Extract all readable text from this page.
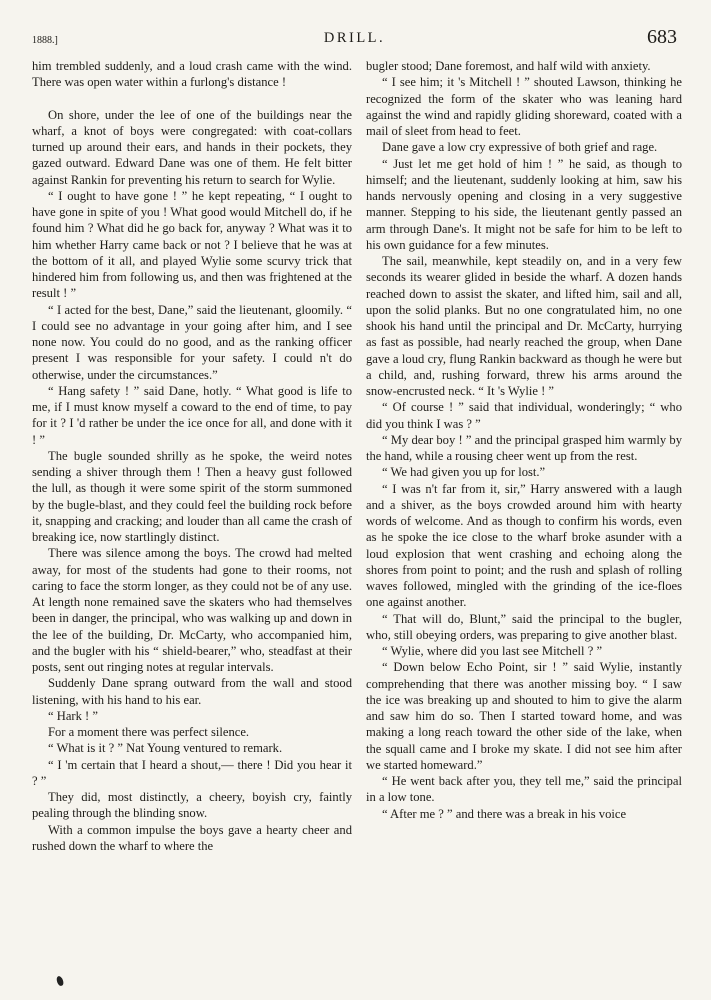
1888.]	DRILL.	683

him trembled suddenly, and a loud crash came with the wind. There was open water within a furlong's distance !

On shore, under the lee of one of the buildings near the wharf, a knot of boys were congregated: with coat-collars turned up around their ears, and hands in their pockets, they gazed outward. Edward Dane was one of them. He felt bitter against Rankin for preventing his return to search for Wylie.

“ I ought to have gone ! ” he kept repeating, “ I ought to have gone in spite of you ! What good would Mitchell do, if he found him ? What did he go back for, anyway ? What was it to him whether Harry came back or not ? I believe that he was at the bottom of it all, and played Wylie some scurvy trick that hindered him from following us, and then was frightened at the result ! ”

“ I acted for the best, Dane,” said the lieutenant, gloomily. “ I could see no advantage in your going after him, and I see none now. You could do no good, and as the ranking officer present I was responsible for your safety. I could n't do otherwise, under the circumstances.”

“ Hang safety ! ” said Dane, hotly. “ What good is life to me, if I must know myself a coward to the end of time, to pay for it ? I 'd rather be under the ice once for all, and done with it ! ”

The bugle sounded shrilly as he spoke, the weird notes sending a shiver through them ! Then a heavy gust followed the lull, as though it were some spirit of the storm summoned by the bugle-blast, and they could feel the building rock before it, snapping and cracking; and louder than all came the crash of breaking ice, now startlingly distinct.

There was silence among the boys. The crowd had melted away, for most of the students had gone to their rooms, not caring to face the storm longer, as they could not be of any use. At length none remained save the skaters who had themselves been in danger, the principal, who was walking up and down in the lee of the building, Dr. McCarty, who accompanied him, and the bugler with his “ shield-bearer,” who, steadfast at their posts, sent out ringing notes at regular intervals.

Suddenly Dane sprang outward from the wall and stood listening, with his hand to his ear.

“ Hark ! ”

For a moment there was perfect silence.

“ What is it ? ” Nat Young ventured to remark.

“ I 'm certain that I heard a shout,— there ! Did you hear it ? ”

They did, most distinctly, a cheery, boyish cry, faintly pealing through the blinding snow.

With a common impulse the boys gave a hearty cheer and rushed down the wharf to where the

bugler stood; Dane foremost, and half wild with anxiety.

“ I see him; it 's Mitchell ! ” shouted Lawson, thinking he recognized the form of the skater who was leaning hard against the wind and rapidly gliding shoreward, coated with a mail of sleet from head to feet.

Dane gave a low cry expressive of both grief and rage.

“ Just let me get hold of him ! ” he said, as though to himself; and the lieutenant, suddenly looking at him, saw his hands nervously opening and closing in a very suggestive manner. Stepping to his side, the lieutenant gently passed an arm through Dane's. It might not be safe for him to be left to his own guidance for a few minutes.

The sail, meanwhile, kept steadily on, and in a very few seconds its wearer glided in beside the wharf. A dozen hands reached down to assist the skater, and lifted him, sail and all, upon the solid planks. But no one congratulated him, no one shook his hand until the principal and Dr. McCarty, hurrying as fast as possible, had nearly reached the group, when Dane gave a loud cry, flung Rankin backward as though he were but a child, and, rushing forward, threw his arms around the snow-encrusted neck. “ It 's Wylie ! ”

“ Of course ! ” said that individual, wonderingly; “ who did you think I was ? ”

“ My dear boy ! ” and the principal grasped him warmly by the hand, while a rousing cheer went up from the rest.

“ We had given you up for lost.”

“ I was n't far from it, sir,” Harry answered with a laugh and a shiver, as the boys crowded around him with hearty words of welcome. And as though to confirm his words, even as he spoke the ice close to the wharf broke asunder with a loud explosion that went crashing and echoing along the shores from point to point; and the rush and splash of rolling waves followed, mingled with the grinding of the ice-floes one against another.

“ That will do, Blunt,” said the principal to the bugler, who, still obeying orders, was preparing to give another blast.

“ Wylie, where did you last see Mitchell ? ”

“ Down below Echo Point, sir ! ” said Wylie, instantly comprehending that there was another missing boy. “ I saw the ice was breaking up and shouted to him to give the alarm and saw him do so. Then I started toward home, and was making a long reach toward the other side of the lake, when the squall came and I broke my skate. I did not see him after we started homeward.”

“ He went back after you, they tell me,” said the principal in a low tone.

“ After me ? ” and there was a break in his voice
